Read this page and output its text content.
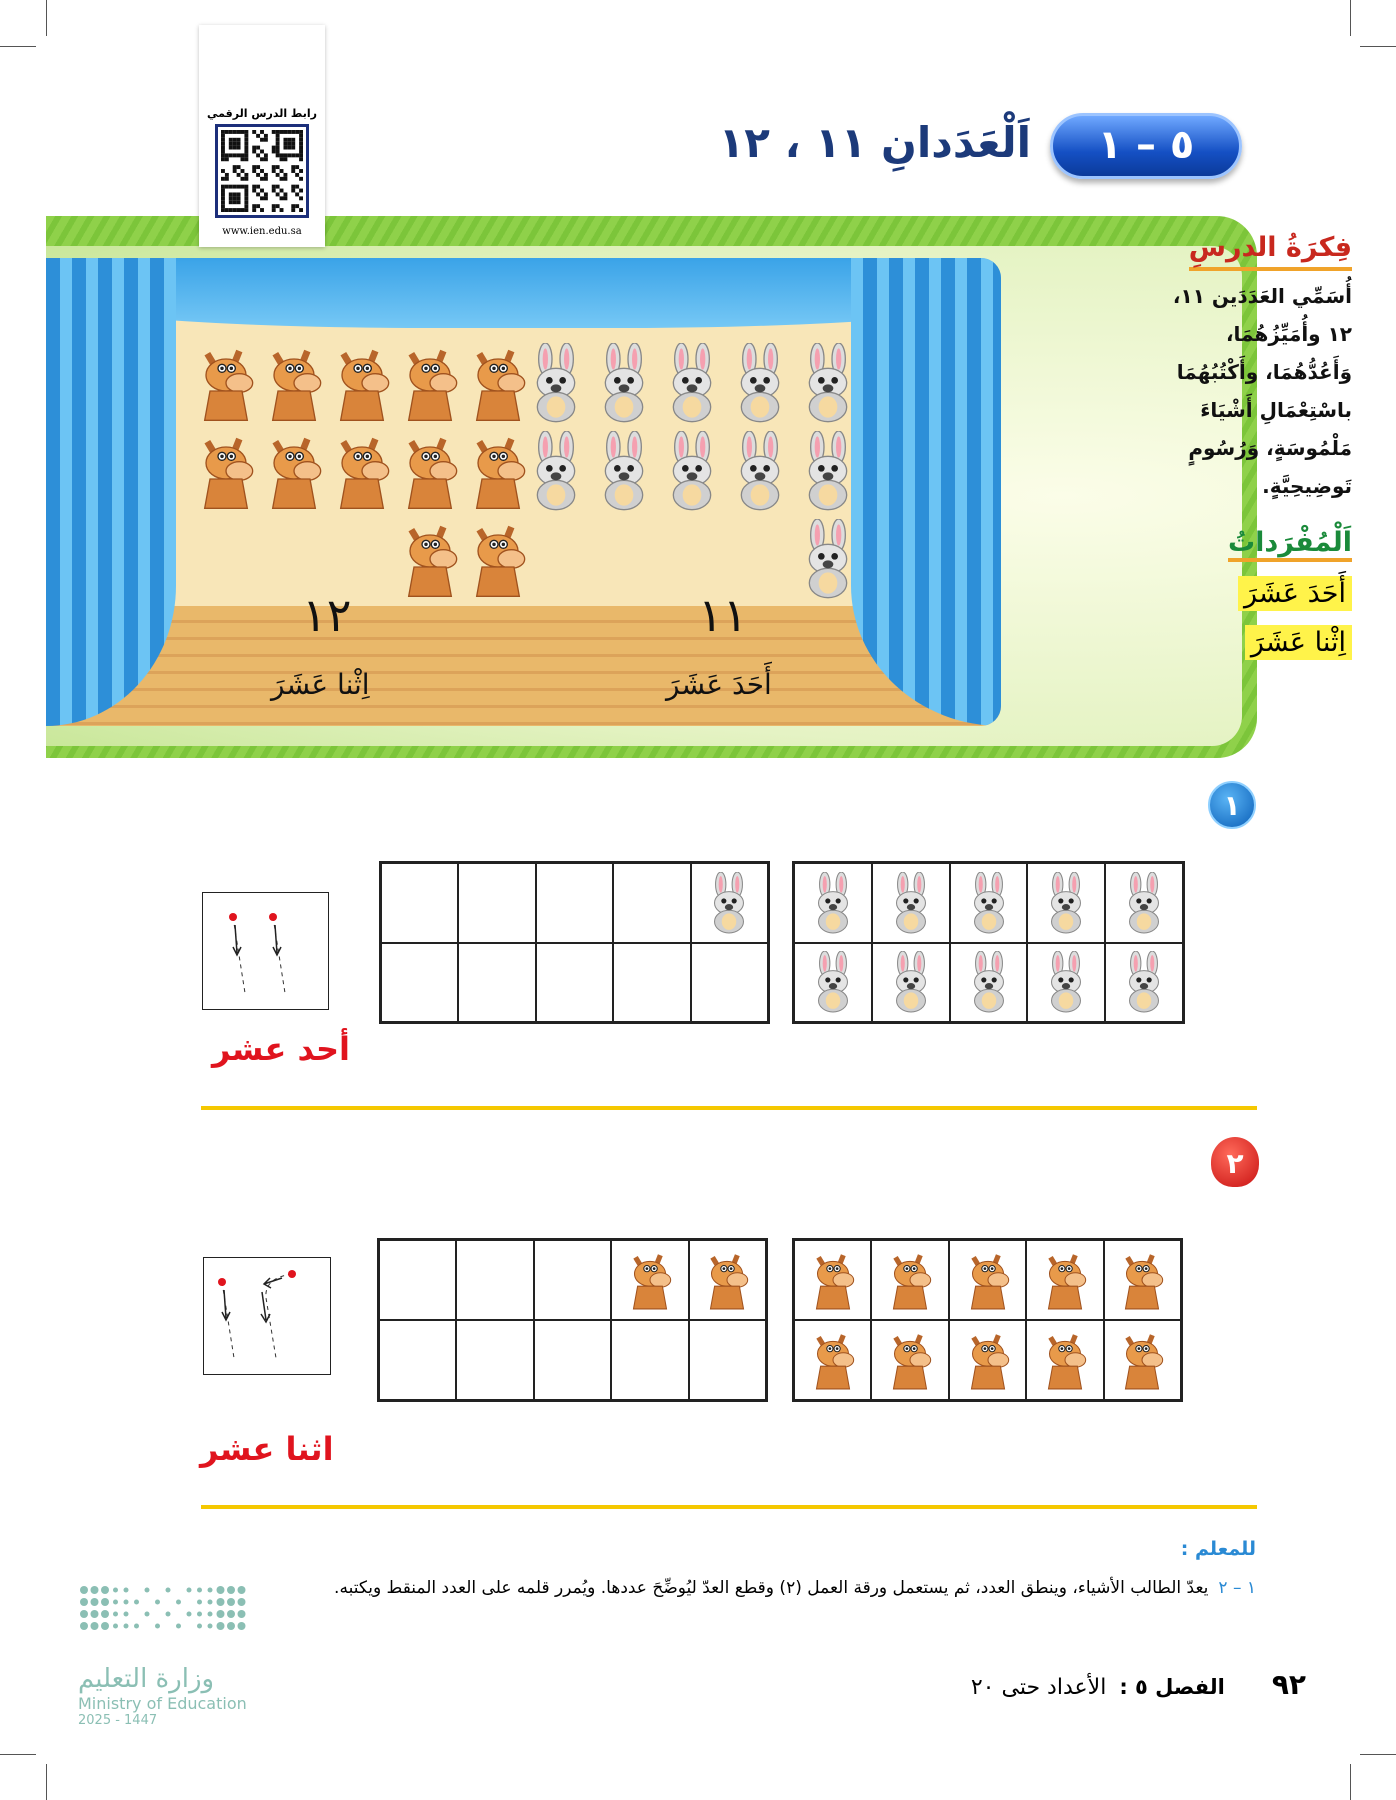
رابط الدرس الرقمي
www.ien.edu.sa
٥ – ١
اَلْعَدَدانِ ١١ ، ١٢
١٢	١١
اِثْنا عَشَرَ	أَحَدَ عَشَرَ
فِكرَةُ الدرسِ

أُسَمِّي العَدَدَين ١١، ١٢ وأُمَيِّزُهُمَا، وَأَعُدُّهُمَا، وأَكْتُبُهُمَا باسْتِعْمَالِ أَشْيَاءَ مَلْمُوسَةٍ، وَرُسُومٍ تَوضِيحِيَّةٍ.

اَلْمُفْرَداتُ
أَحَدَ عَشَرَ
اِثْنا عَشَرَ
١
أحد عشر
٢
اثنا عشر
للمعلم :
١ – ٢يعدّ الطالب الأشياء، وينطق العدد، ثم يستعمل ورقة العمل (٢) وقطع العدّ ليُوضِّحَ عددها. ويُمرر قلمه على العدد المنقط ويكتبه.
وزارة التعليم
Ministry of Education
2025 - 1447
٩٢ الفصل ٥ : الأعداد حتى ٢٠
